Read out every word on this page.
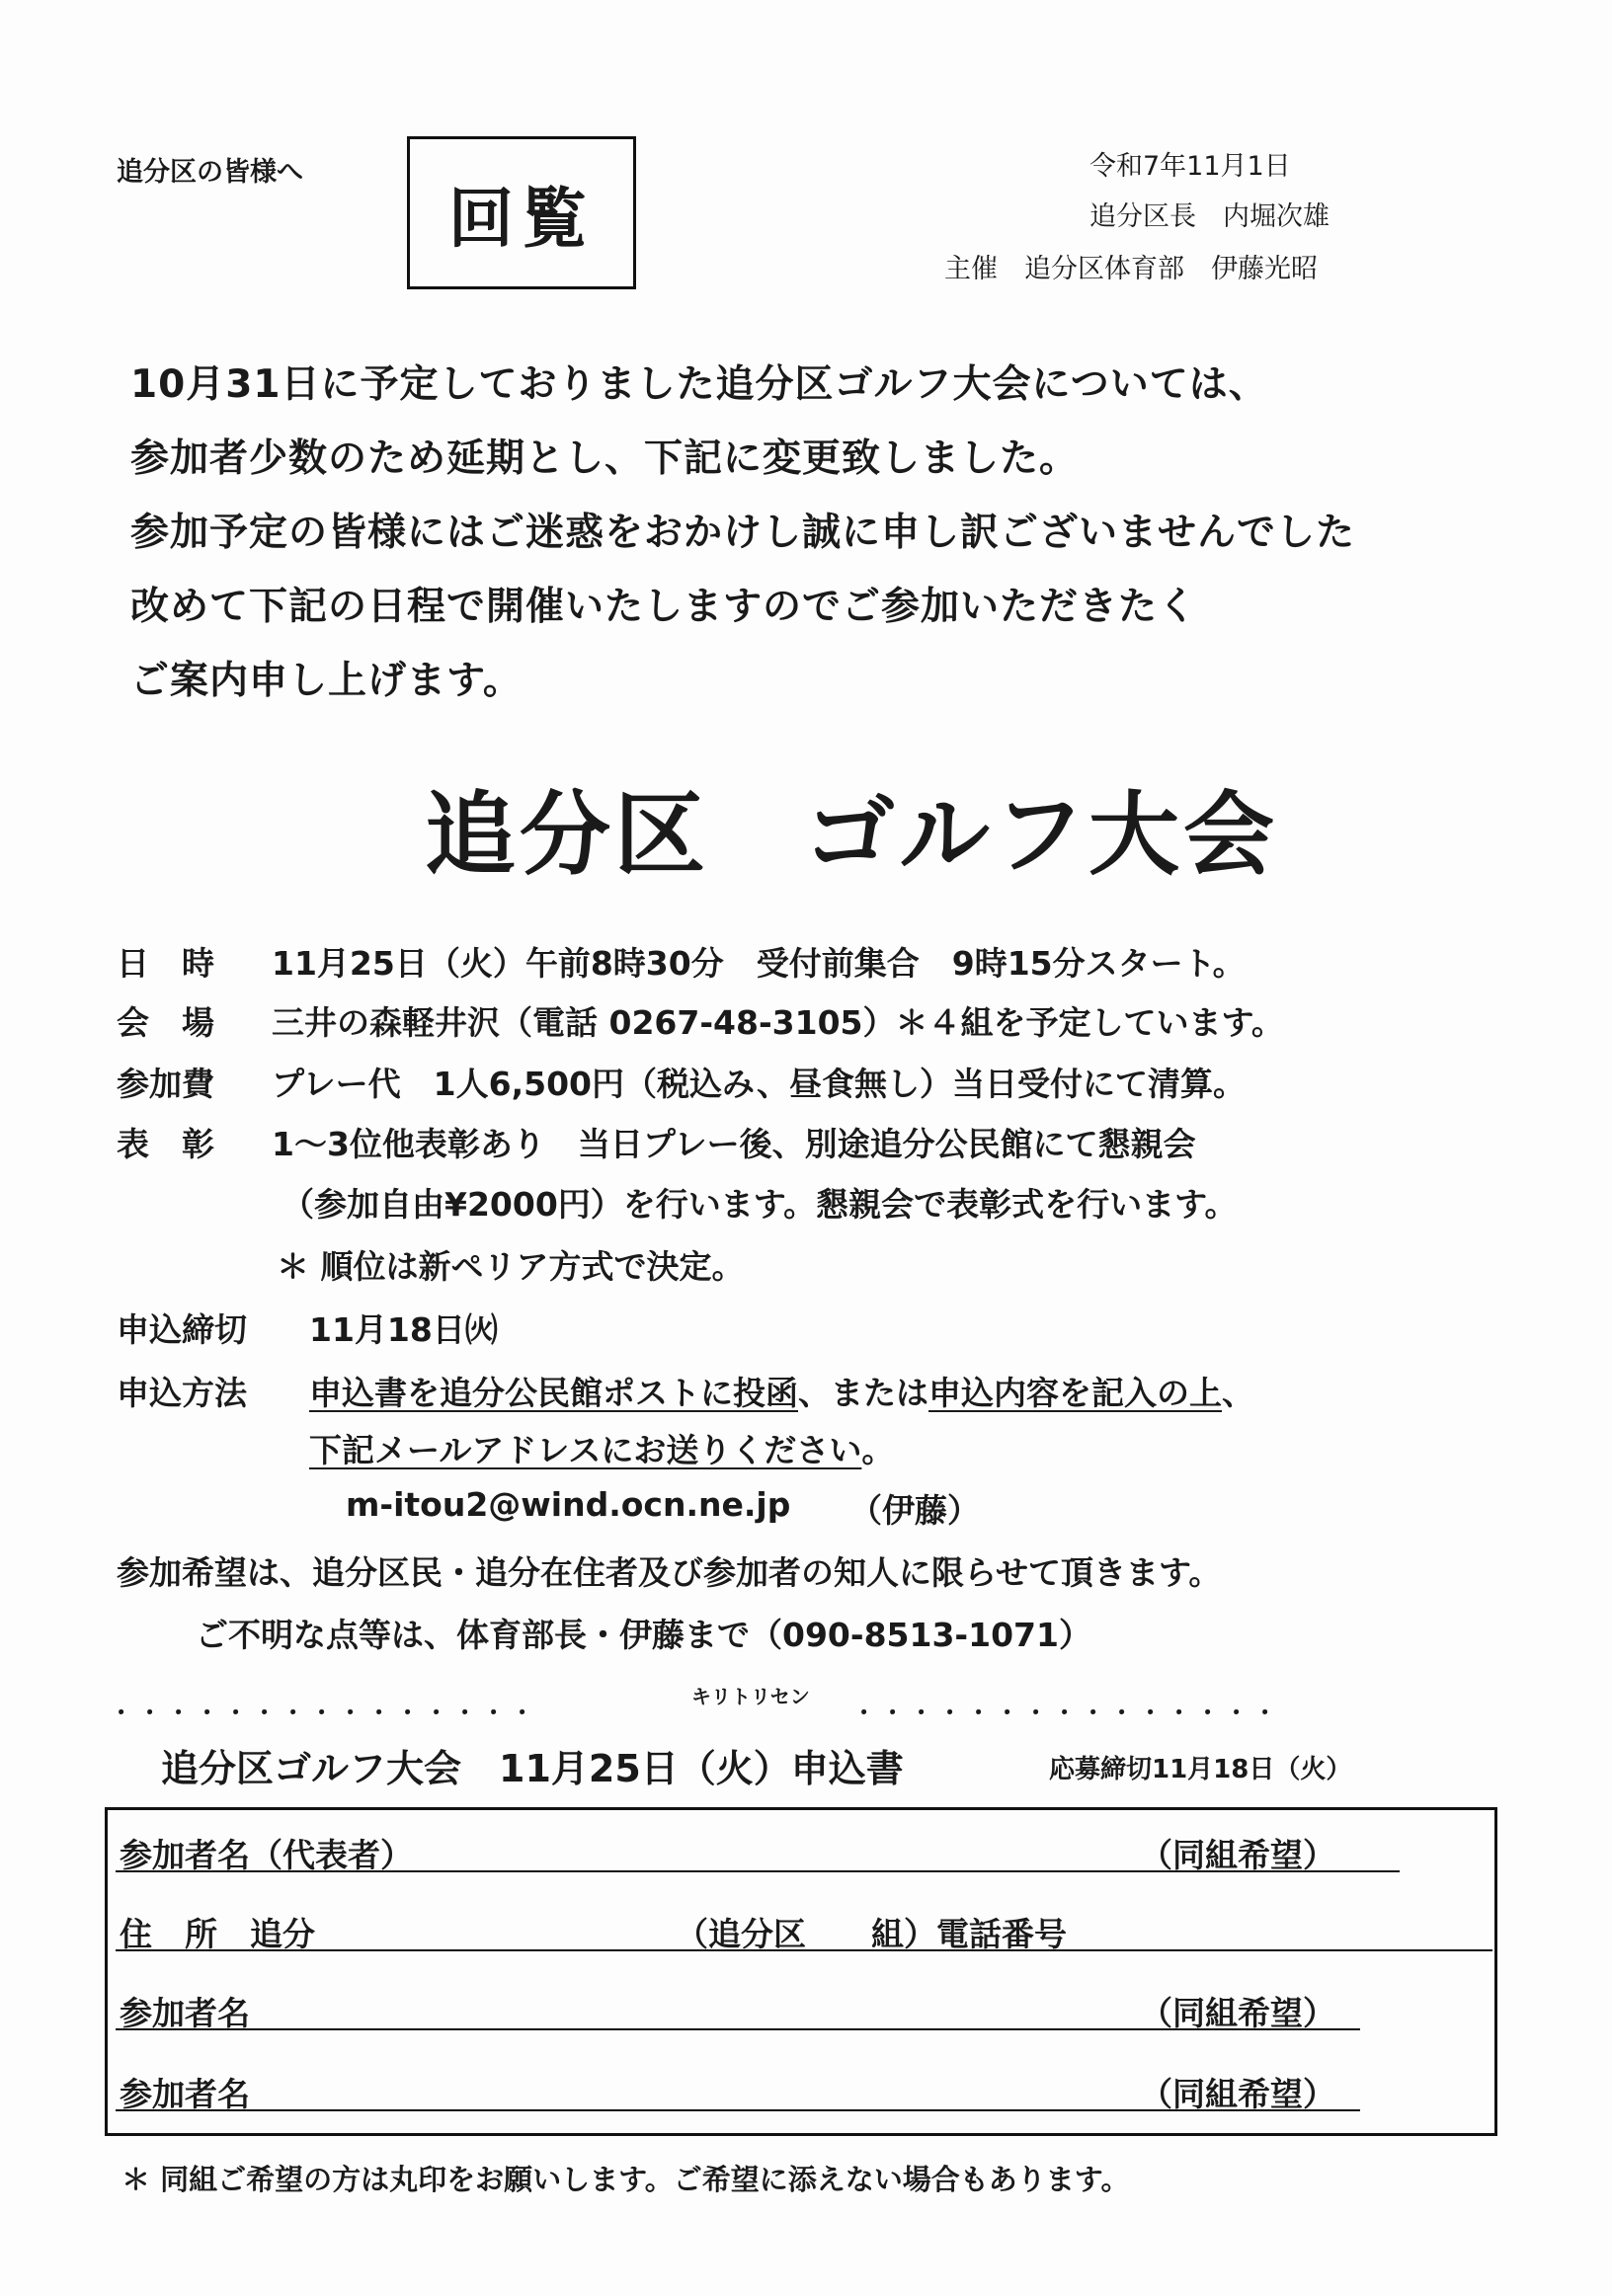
追分区の皆様へ
回覧
令和7年11月1日
追分区長　内堀次雄
主催　追分区体育部　伊藤光昭
10月31日に予定しておりました追分区ゴルフ大会については、
参加者少数のため延期とし、下記に変更致しました。
参加予定の皆様にはご迷惑をおかけし誠に申し訳ございませんでした
改めて下記の日程で開催いたしますのでご参加いただきたく
ご案内申し上げます。
追分区　ゴルフ大会
日　時 11月25日（火）午前8時30分　受付前集合　9時15分スタート。
会　場 三井の森軽井沢（電話 0267-48-3105）＊４組を予定しています。
参加費 プレー代　1人6,500円（税込み、昼食無し）当日受付にて清算。
表　彰 1～3位他表彰あり　当日プレー後、別途追分公民館にて懇親会
（参加自由¥2000円）を行います。懇親会で表彰式を行います。
＊ 順位は新ペリア方式で決定。
申込締切 11月18日㈫
申込方法 申込書を追分公民館ポストに投函、または申込内容を記入の上、
下記メールアドレスにお送りください。
m-itou2@wind.ocn.ne.jp （伊藤）
参加希望は、追分区民・追分在住者及び参加者の知人に限らせて頂きます。
ご不明な点等は、体育部長・伊藤まで（090-8513-1071）
．．．．．．．．．．．．．．．	キリトリセン ．．．．．．．．．．．．．．．
追分区ゴルフ大会　11月25日（火）申込書	応募締切11月18日（火）
参加者名（代表者）	（同組希望）
住　所　追分	（追分区　　組）電話番号
参加者名	（同組希望）
参加者名	（同組希望）
＊ 同組ご希望の方は丸印をお願いします。ご希望に添えない場合もあります。
